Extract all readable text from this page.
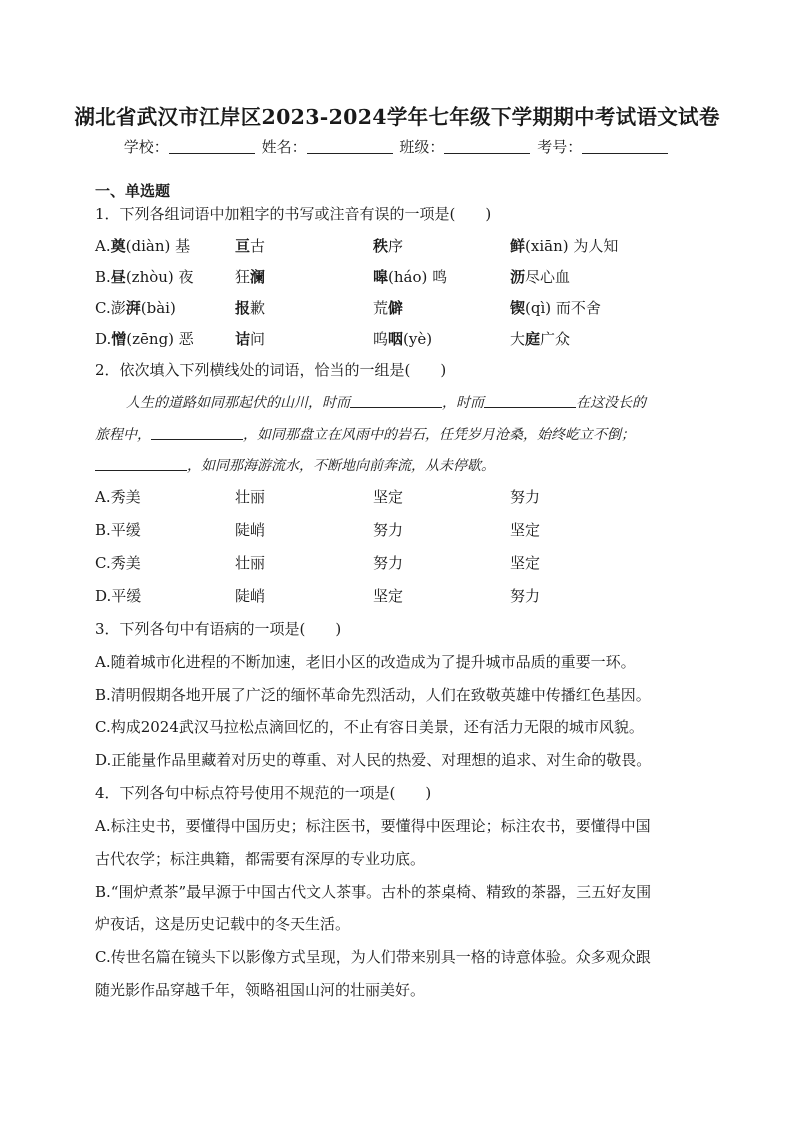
湖北省武汉市江岸区2023-2024学年七年级下学期期中考试语文试卷
学校：	姓名：	班级：	考号：
一、单选题
1．下列各组词语中加粗字的书写或注音有误的一项是(　　)
A.奠(diàn) 基	亘古	秩序	鲜(xiān) 为人知
B.昼(zhòu) 夜	狂澜	嗥(háo) 鸣	沥尽心血
C.澎湃(bài)	报歉	荒僻	锲(qì) 而不舍
D.憎(zēng) 恶	诘问	呜咽(yè)	大庭广众
2．依次填入下列横线处的词语，恰当的一组是(　　)
人生的道路如同那起伏的山川，时而	，时而	在这没长的
旅程中，	，如同那盘立在风雨中的岩石，任凭岁月沧桑，始终屹立不倒；
，如同那海游流水，不断地向前奔流，从未停歇。
A.秀美	壮丽	坚定	努力
B.平缓	陡峭	努力	坚定
C.秀美	壮丽	努力	坚定
D.平缓	陡峭	坚定	努力
3．下列各句中有语病的一项是(　　)
A.随着城市化进程的不断加速，老旧小区的改造成为了提升城市品质的重要一环。
B.清明假期各地开展了广泛的缅怀革命先烈活动，人们在致敬英雄中传播红色基因。
C.构成2024武汉马拉松点滴回忆的，不止有容日美景，还有活力无限的城市风貌。
D.正能量作品里藏着对历史的尊重、对人民的热爱、对理想的追求、对生命的敬畏。
4．下列各句中标点符号使用不规范的一项是(　　)
A.标注史书，要懂得中国历史；标注医书，要懂得中医理论；标注农书，要懂得中国
古代农学；标注典籍，都需要有深厚的专业功底。
B.“围炉煮茶”最早源于中国古代文人茶事。古朴的茶桌椅、精致的茶器，三五好友围
炉夜话，这是历史记载中的冬天生活。
C.传世名篇在镜头下以影像方式呈现，为人们带来别具一格的诗意体验。众多观众跟
随光影作品穿越千年，领略祖国山河的壮丽美好。
